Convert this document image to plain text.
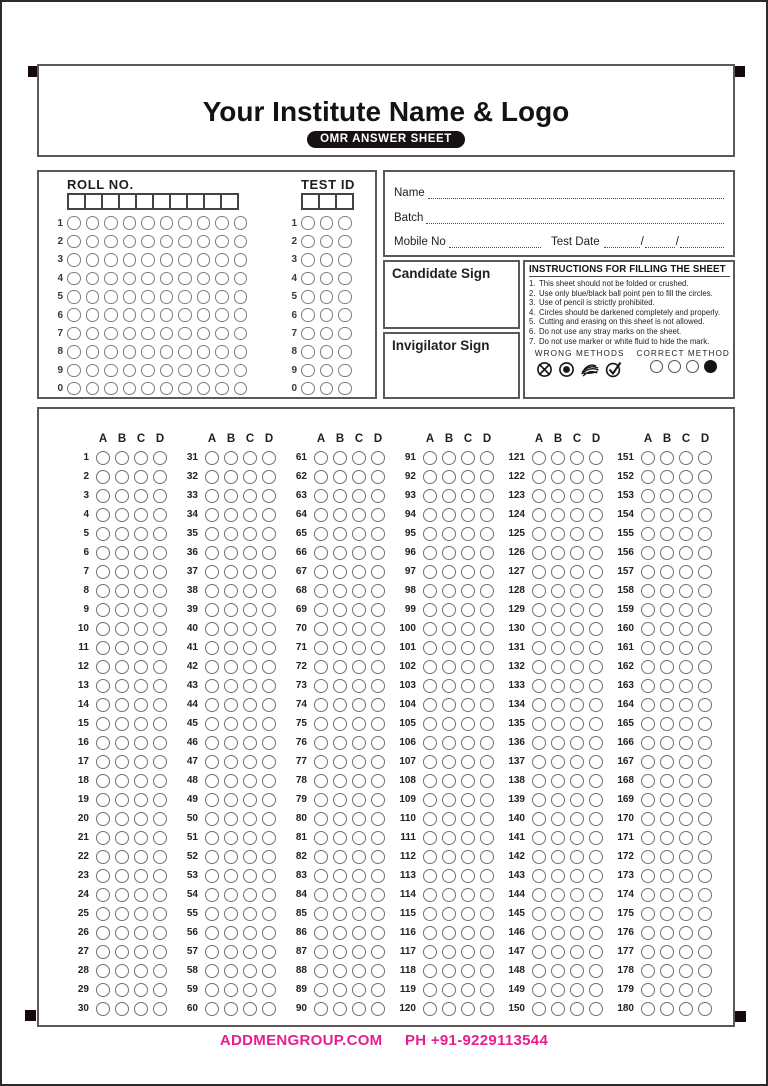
Your Institute Name & Logo
OMR ANSWER SHEET
ROLL NO.
1
2
3
4
5
6
7
8
9
0
TEST ID
1
2
3
4
5
6
7
8
9
0
Name
Batch
Mobile No	Test Date	/	/
Candidate Sign
Invigilator Sign
INSTRUCTIONS FOR FILLING THE SHEET
1. This sheet should not be folded or crushed.
2. Use only blue/black ball point pen to fill the circles.
3. Use of pencil is strictly prohibited.
4. Circles should be darkened completely and properly.
5. Cutting and erasing on this sheet is not allowed.
6. Do not use any stray marks on the sheet.
7. Do not use marker or white fluid to hide the mark.
WRONG METHODS CORRECT METHOD
A B C D
1
2
3
4
5
6
7
8
9
10
11
12
13
14
15
16
17
18
19
20
21
22
23
24
25
26
27
28
29
30
A B C D
31
32
33
34
35
36
37
38
39
40
41
42
43
44
45
46
47
48
49
50
51
52
53
54
55
56
57
58
59
60
A B C D
61
62
63
64
65
66
67
68
69
70
71
72
73
74
75
76
77
78
79
80
81
82
83
84
85
86
87
88
89
90
A B C D
91
92
93
94
95
96
97
98
99
100
101
102
103
104
105
106
107
108
109
110
111
112
113
114
115
116
117
118
119
120
A B C D
121
122
123
124
125
126
127
128
129
130
131
132
133
134
135
136
137
138
139
140
141
142
143
144
145
146
147
148
149
150
A B C D
151
152
153
154
155
156
157
158
159
160
161
162
163
164
165
166
167
168
169
170
171
172
173
174
175
176
177
178
179
180
ADDMENGROUP.COM PH +91-9229113544
